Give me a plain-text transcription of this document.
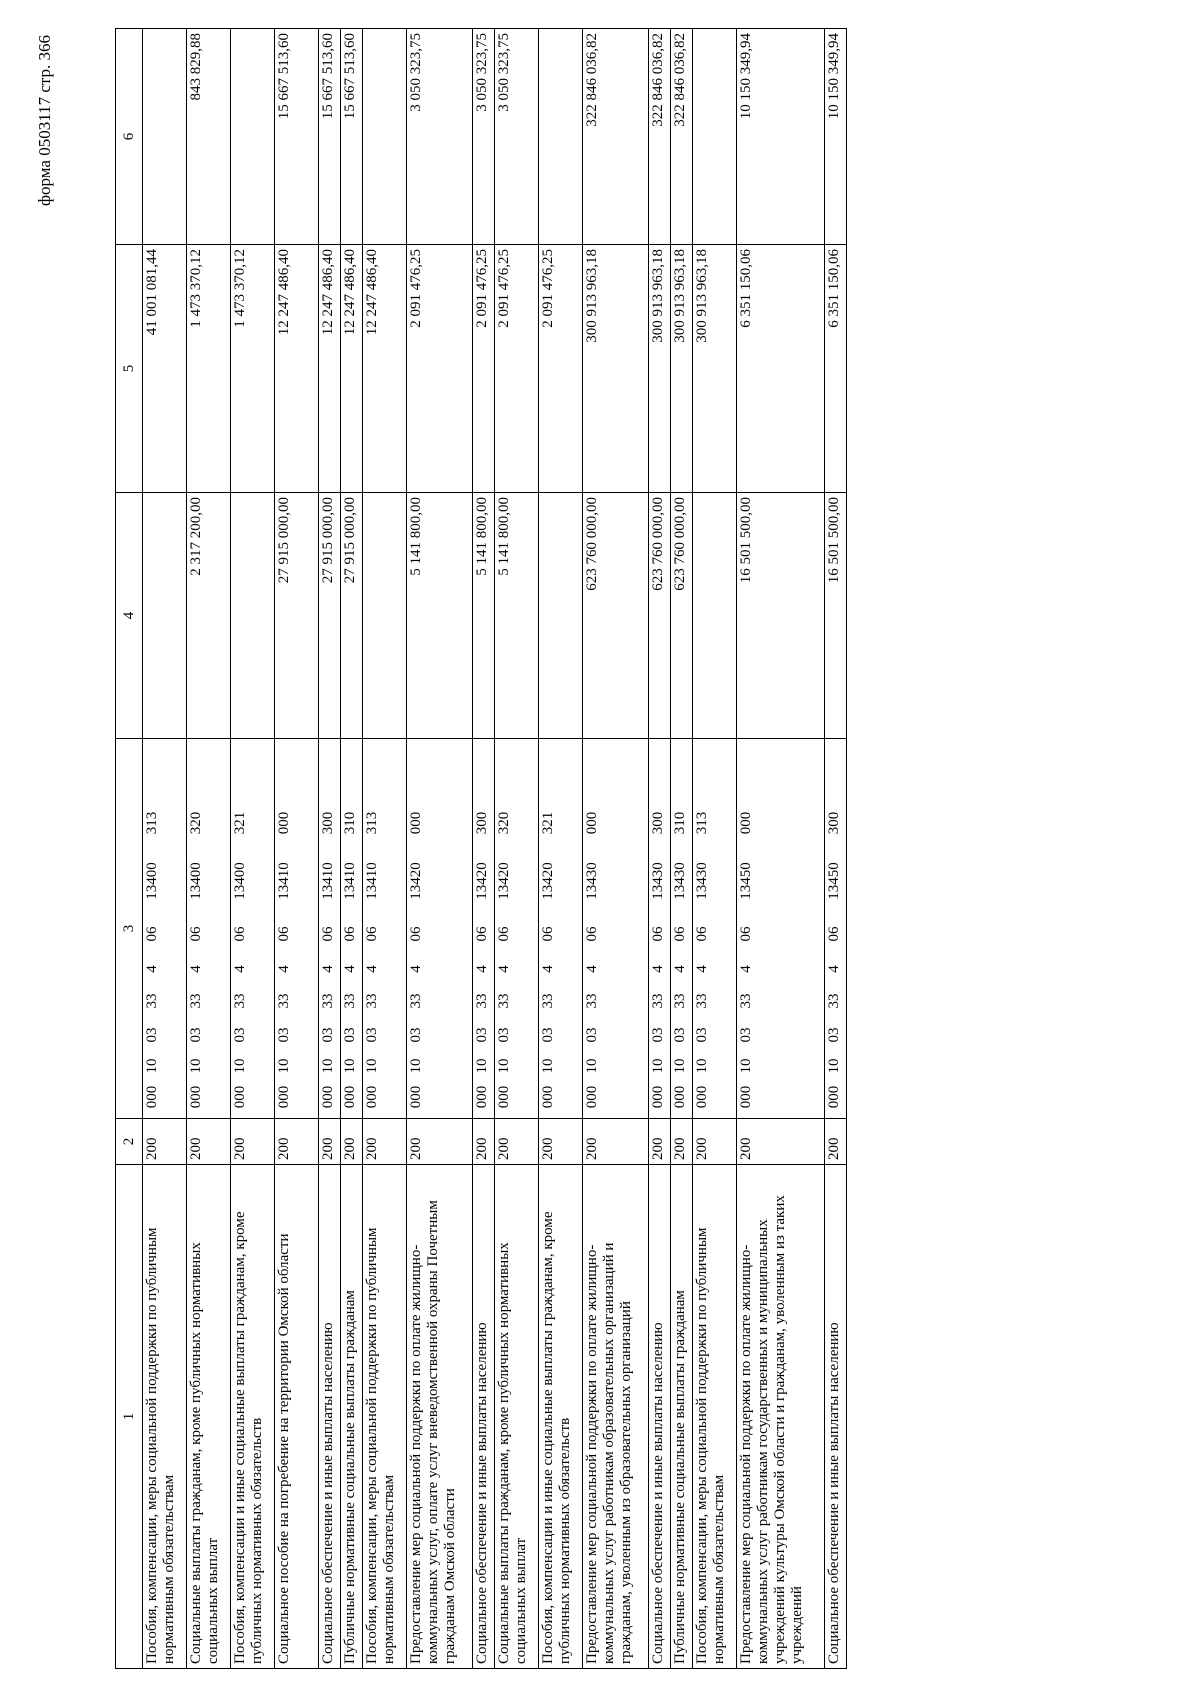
форма 0503117 стр. 366
1	2	3	4	5	6
Пособия, компенсации, меры социальной поддержки по публичным нормативным обязательствам	200	00010033340613400313		41 001 081,44	
Социальные выплаты гражданам, кроме публичных нормативных социальных выплат	200	00010033340613400320	2 317 200,00	1 473 370,12	843 829,88
Пособия, компенсации и иные социальные выплаты гражданам, кроме публичных нормативных обязательств	200	00010033340613400321		1 473 370,12	
Социальное пособие на погребение на территории Омской области	200	00010033340613410000	27 915 000,00	12 247 486,40	15 667 513,60
Социальное обеспечение и иные выплаты населению	200	00010033340613410300	27 915 000,00	12 247 486,40	15 667 513,60
Публичные нормативные социальные выплаты гражданам	200	00010033340613410310	27 915 000,00	12 247 486,40	15 667 513,60
Пособия, компенсации, меры социальной поддержки по публичным нормативным обязательствам	200	00010033340613410313		12 247 486,40	
Предоставление мер социальной поддержки по оплате жилищно-коммунальных услуг, оплате услуг вневедомственной охраны Почетным гражданам Омской области	200	00010033340613420000	5 141 800,00	2 091 476,25	3 050 323,75
Социальное обеспечение и иные выплаты населению	200	00010033340613420300	5 141 800,00	2 091 476,25	3 050 323,75
Социальные выплаты гражданам, кроме публичных нормативных социальных выплат	200	00010033340613420320	5 141 800,00	2 091 476,25	3 050 323,75
Пособия, компенсации и иные социальные выплаты гражданам, кроме публичных нормативных обязательств	200	00010033340613420321		2 091 476,25	
Предоставление мер социальной поддержки по оплате жилищно-коммунальных услуг работникам образовательных организаций и гражданам, уволенным из образовательных организаций	200	00010033340613430000	623 760 000,00	300 913 963,18	322 846 036,82
Социальное обеспечение и иные выплаты населению	200	00010033340613430300	623 760 000,00	300 913 963,18	322 846 036,82
Публичные нормативные социальные выплаты гражданам	200	00010033340613430310	623 760 000,00	300 913 963,18	322 846 036,82
Пособия, компенсации, меры социальной поддержки по публичным нормативным обязательствам	200	00010033340613430313		300 913 963,18	
Предоставление мер социальной поддержки по оплате жилищно-коммунальных услуг работникам государственных и муниципальных учреждений культуры Омской области и гражданам, уволенным из таких учреждений	200	00010033340613450000	16 501 500,00	6 351 150,06	10 150 349,94
Социальное обеспечение и иные выплаты населению	200	00010033340613450300	16 501 500,00	6 351 150,06	10 150 349,94
